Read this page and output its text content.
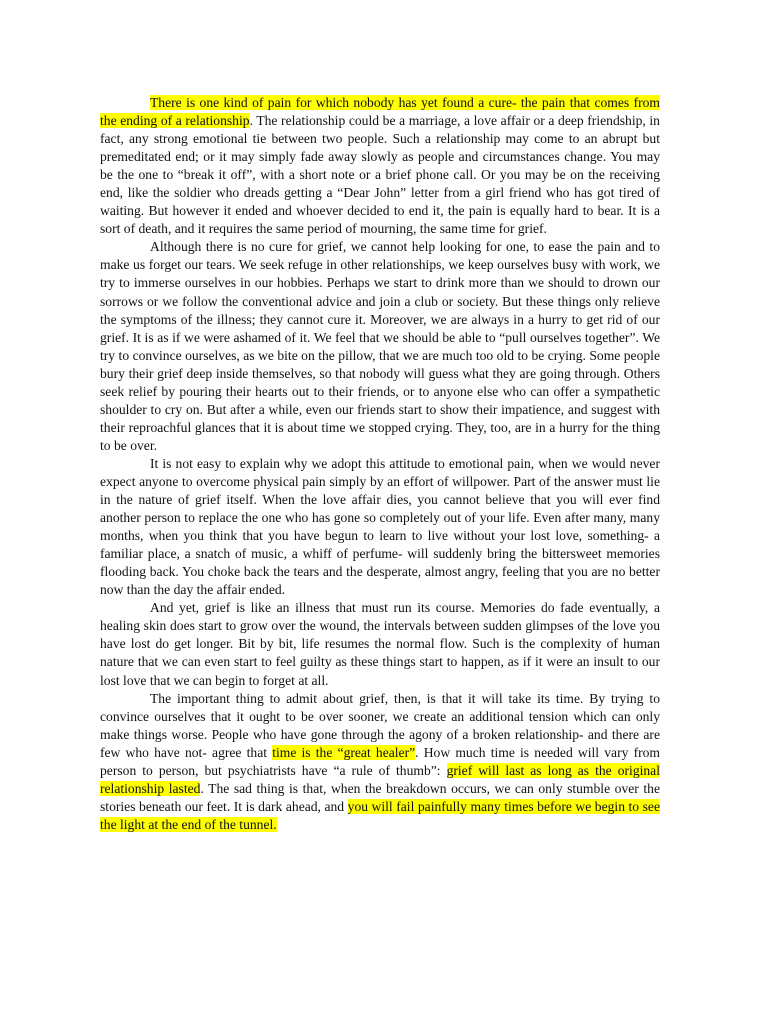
There is one kind of pain for which nobody has yet found a cure- the pain that comes from the ending of a relationship. The relationship could be a marriage, a love affair or a deep friendship, in fact, any strong emotional tie between two people. Such a relationship may come to an abrupt but premeditated end; or it may simply fade away slowly as people and circumstances change. You may be the one to “break it off”, with a short note or a brief phone call. Or you may be on the receiving end, like the soldier who dreads getting a “Dear John” letter from a girl friend who has got tired of waiting. But however it ended and whoever decided to end it, the pain is equally hard to bear. It is a sort of death, and it requires the same period of mourning, the same time for grief.

Although there is no cure for grief, we cannot help looking for one, to ease the pain and to make us forget our tears. We seek refuge in other relationships, we keep ourselves busy with work, we try to immerse ourselves in our hobbies. Perhaps we start to drink more than we should to drown our sorrows or we follow the conventional advice and join a club or society. But these things only relieve the symptoms of the illness; they cannot cure it. Moreover, we are always in a hurry to get rid of our grief. It is as if we were ashamed of it. We feel that we should be able to “pull ourselves together”. We try to convince ourselves, as we bite on the pillow, that we are much too old to be crying. Some people bury their grief deep inside themselves, so that nobody will guess what they are going through. Others seek relief by pouring their hearts out to their friends, or to anyone else who can offer a sympathetic shoulder to cry on. But after a while, even our friends start to show their impatience, and suggest with their reproachful glances that it is about time we stopped crying. They, too, are in a hurry for the thing to be over.

It is not easy to explain why we adopt this attitude to emotional pain, when we would never expect anyone to overcome physical pain simply by an effort of willpower. Part of the answer must lie in the nature of grief itself. When the love affair dies, you cannot believe that you will ever find another person to replace the one who has gone so completely out of your life. Even after many, many months, when you think that you have begun to learn to live without your lost love, something- a familiar place, a snatch of music, a whiff of perfume- will suddenly bring the bittersweet memories flooding back. You choke back the tears and the desperate, almost angry, feeling that you are no better now than the day the affair ended.

And yet, grief is like an illness that must run its course. Memories do fade eventually, a healing skin does start to grow over the wound, the intervals between sudden glimpses of the love you have lost do get longer. Bit by bit, life resumes the normal flow. Such is the complexity of human nature that we can even start to feel guilty as these things start to happen, as if it were an insult to our lost love that we can begin to forget at all.

The important thing to admit about grief, then, is that it will take its time. By trying to convince ourselves that it ought to be over sooner, we create an additional tension which can only make things worse. People who have gone through the agony of a broken relationship- and there are few who have not- agree that time is the “great healer”. How much time is needed will vary from person to person, but psychiatrists have “a rule of thumb”: grief will last as long as the original relationship lasted. The sad thing is that, when the breakdown occurs, we can only stumble over the stories beneath our feet. It is dark ahead, and you will fail painfully many times before we begin to see the light at the end of the tunnel.
